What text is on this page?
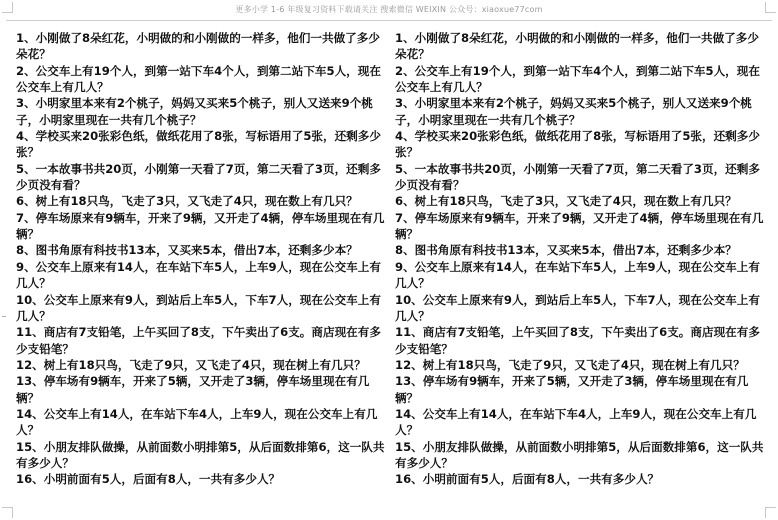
更多小学 1-6 年级复习资料下载请关注 搜索微信 WEIXIN 公众号：xiaoxue77com

1、小刚做了8朵红花，小明做的和小刚做的一样多，他们一共做了多少朵花？

2、公交车上有19个人，到第一站下车4个人，到第二站下车5人，现在公交车上有几人？

3、小明家里本来有2个桃子，妈妈又买来5个桃子，别人又送来9个桃子，小明家里现在一共有几个桃子？

4、学校买来20张彩色纸，做纸花用了8张，写标语用了5张，还剩多少张？

5、一本故事书共20页，小刚第一天看了7页，第二天看了3页，还剩多少页没有看？

6、树上有18只鸟，飞走了3只，又飞走了4只，现在数上有几只？

7、停车场原来有9辆车，开来了9辆，又开走了4辆，停车场里现在有几辆？

8、图书角原有科技书13本，又买来5本，借出7本，还剩多少本？

9、公交车上原来有14人，在车站下车5人，上车9人，现在公交车上有几人？

10、公交车上原来有9人，到站后上车5人，下车7人，现在公交车上有几人？

11、商店有7支铅笔，上午买回了8支，下午卖出了6支。商店现在有多少支铅笔？

12、树上有18只鸟，飞走了9只，又飞走了4只，现在树上有几只？

13、停车场有9辆车，开来了5辆，又开走了3辆，停车场里现在有几辆？

14、公交车上有14人，在车站下车4人，上车9人，现在公交车上有几人？

15、小朋友排队做操，从前面数小明排第5，从后面数排第6，这一队共有多少人？

16、小明前面有5人，后面有8人，一共有多少人？

1、小刚做了8朵红花，小明做的和小刚做的一样多，他们一共做了多少朵花？

2、公交车上有19个人，到第一站下车4个人，到第二站下车5人，现在公交车上有几人？

3、小明家里本来有2个桃子，妈妈又买来5个桃子，别人又送来9个桃子，小明家里现在一共有几个桃子？

4、学校买来20张彩色纸，做纸花用了8张，写标语用了5张，还剩多少张？

5、一本故事书共20页，小刚第一天看了7页，第二天看了3页，还剩多少页没有看？

6、树上有18只鸟，飞走了3只，又飞走了4只，现在数上有几只？

7、停车场原来有9辆车，开来了9辆，又开走了4辆，停车场里现在有几辆？

8、图书角原有科技书13本，又买来5本，借出7本，还剩多少本？

9、公交车上原来有14人，在车站下车5人，上车9人，现在公交车上有几人？

10、公交车上原来有9人，到站后上车5人，下车7人，现在公交车上有几人？

11、商店有7支铅笔，上午买回了8支，下午卖出了6支。商店现在有多少支铅笔？

12、树上有18只鸟，飞走了9只，又飞走了4只，现在树上有几只？

13、停车场有9辆车，开来了5辆，又开走了3辆，停车场里现在有几辆？

14、公交车上有14人，在车站下车4人，上车9人，现在公交车上有几人？

15、小朋友排队做操，从前面数小明排第5，从后面数排第6，这一队共有多少人？

16、小明前面有5人，后面有8人，一共有多少人？
